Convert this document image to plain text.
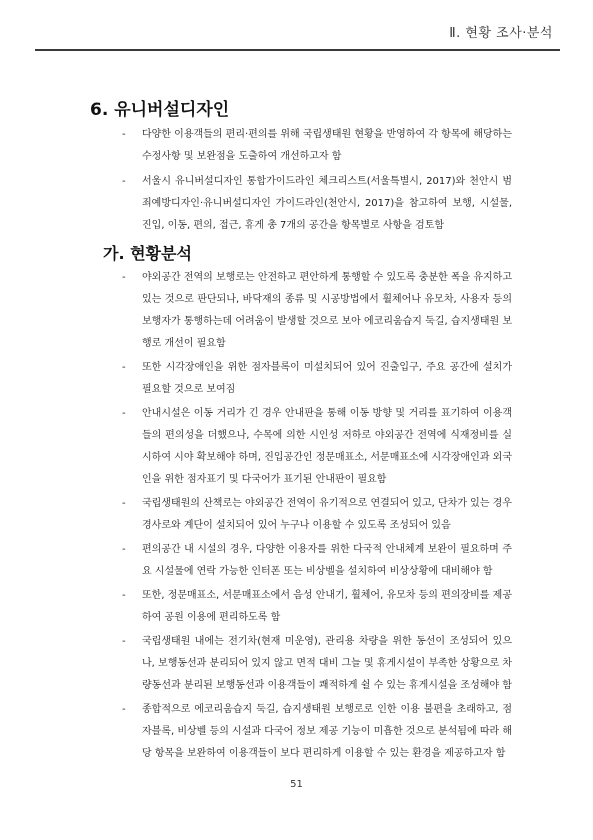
Ⅱ. 현황 조사·분석
6. 유니버설디자인
- 다양한 이용객들의 편리·편의를 위해 국립생태원 현황을 반영하여 각 항목에 해당하는 수정사항 및 보완점을 도출하여 개선하고자 함
- 서울시 유니버설디자인 통합가이드라인 체크리스트(서울특별시, 2017)와 천안시 범죄예방디자인·유니버설디자인 가이드라인(천안시, 2017)을 참고하여 보행, 시설물, 진입, 이동, 편의, 접근, 휴게 총 7개의 공간을 항목별로 사항을 검토함
가. 현황분석
- 야외공간 전역의 보행로는 안전하고 편안하게 통행할 수 있도록 충분한 폭을 유지하고 있는 것으로 판단되나, 바닥재의 종류 및 시공방법에서 휠체어나 유모차, 사용자 등의 보행자가 통행하는데 어려움이 발생할 것으로 보아 에코리움습지 둑길, 습지생태원 보행로 개선이 필요함
- 또한 시각장애인을 위한 점자블록이 미설치되어 있어 진출입구, 주요 공간에 설치가 필요할 것으로 보여짐
- 안내시설은 이동 거리가 긴 경우 안내판을 통해 이동 방향 및 거리를 표기하여 이용객들의 편의성을 더했으나, 수목에 의한 시인성 저하로 야외공간 전역에 식재정비를 실시하여 시야 확보해야 하며, 진입공간인 정문매표소, 서문매표소에 시각장애인과 외국인을 위한 점자표기 및 다국어가 표기된 안내판이 필요함
- 국립생태원의 산책로는 야외공간 전역이 유기적으로 연결되어 있고, 단차가 있는 경우 경사로와 계단이 설치되어 있어 누구나 이용할 수 있도록 조성되어 있음
- 편의공간 내 시설의 경우, 다양한 이용자를 위한 다국적 안내체계 보완이 필요하며 주요 시설물에 연락 가능한 인터폰 또는 비상벨을 설치하여 비상상황에 대비해야 함
- 또한, 정문매표소, 서문매표소에서 음성 안내기, 휠체어, 유모차 등의 편의장비를 제공하여 공원 이용에 편리하도록 함
- 국립생태원 내에는 전기차(현재 미운영), 관리용 차량을 위한 동선이 조성되어 있으나, 보행동선과 분리되어 있지 않고 면적 대비 그늘 및 휴게시설이 부족한 상황으로 차량동선과 분리된 보행동선과 이용객들이 쾌적하게 쉴 수 있는 휴게시설을 조성해야 함
- 종합적으로 에코리움습지 둑길, 습지생태원 보행로로 인한 이용 불편을 초래하고, 점자블록, 비상벨 등의 시설과 다국어 정보 제공 기능이 미흡한 것으로 분석됨에 따라 해당 항목을 보완하여 이용객들이 보다 편리하게 이용할 수 있는 환경을 제공하고자 함
51
